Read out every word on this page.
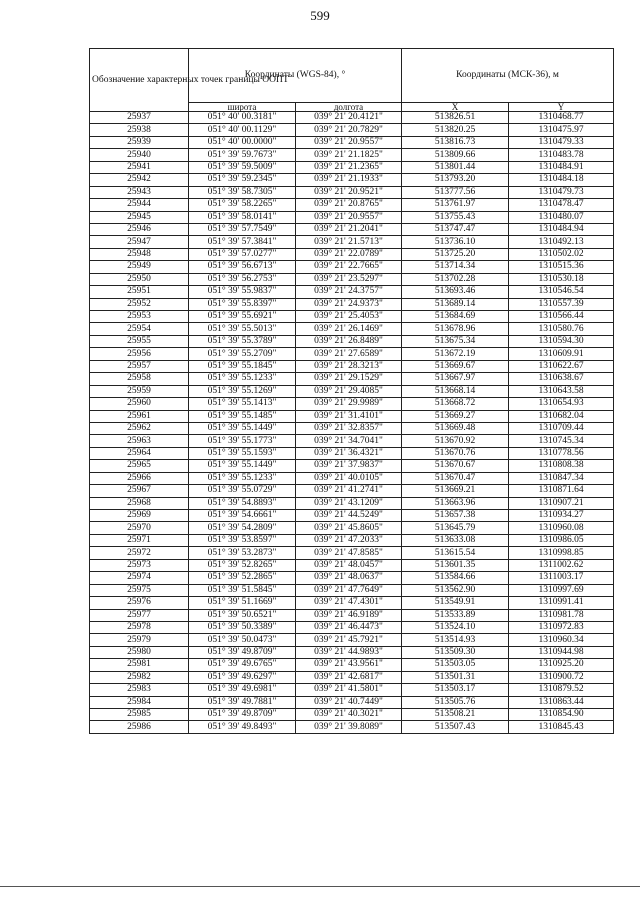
599
Обозначение характерных точек границы ООПТ	Координаты (WGS-84), °		Координаты (МСК-36), м	
	широта	долгота	X	Y
25937	051° 40' 00.3181"	039° 21' 20.4121"	513826.51	1310468.77
25938	051° 40' 00.1129"	039° 21' 20.7829"	513820.25	1310475.97
25939	051° 40' 00.0000"	039° 21' 20.9557"	513816.73	1310479.33
25940	051° 39' 59.7673"	039° 21' 21.1825"	513809.66	1310483.78
25941	051° 39' 59.5009"	039° 21' 21.2365"	513801.44	1310484.91
25942	051° 39' 59.2345"	039° 21' 21.1933"	513793.20	1310484.18
25943	051° 39' 58.7305"	039° 21' 20.9521"	513777.56	1310479.73
25944	051° 39' 58.2265"	039° 21' 20.8765"	513761.97	1310478.47
25945	051° 39' 58.0141"	039° 21' 20.9557"	513755.43	1310480.07
25946	051° 39' 57.7549"	039° 21' 21.2041"	513747.47	1310484.94
25947	051° 39' 57.3841"	039° 21' 21.5713"	513736.10	1310492.13
25948	051° 39' 57.0277"	039° 21' 22.0789"	513725.20	1310502.02
25949	051° 39' 56.6713"	039° 21' 22.7665"	513714.34	1310515.36
25950	051° 39' 56.2753"	039° 21' 23.5297"	513702.28	1310530.18
25951	051° 39' 55.9837"	039° 21' 24.3757"	513693.46	1310546.54
25952	051° 39' 55.8397"	039° 21' 24.9373"	513689.14	1310557.39
25953	051° 39' 55.6921"	039° 21' 25.4053"	513684.69	1310566.44
25954	051° 39' 55.5013"	039° 21' 26.1469"	513678.96	1310580.76
25955	051° 39' 55.3789"	039° 21' 26.8489"	513675.34	1310594.30
25956	051° 39' 55.2709"	039° 21' 27.6589"	513672.19	1310609.91
25957	051° 39' 55.1845"	039° 21' 28.3213"	513669.67	1310622.67
25958	051° 39' 55.1233"	039° 21' 29.1529"	513667.97	1310638.67
25959	051° 39' 55.1269"	039° 21' 29.4085"	513668.14	1310643.58
25960	051° 39' 55.1413"	039° 21' 29.9989"	513668.72	1310654.93
25961	051° 39' 55.1485"	039° 21' 31.4101"	513669.27	1310682.04
25962	051° 39' 55.1449"	039° 21' 32.8357"	513669.48	1310709.44
25963	051° 39' 55.1773"	039° 21' 34.7041"	513670.92	1310745.34
25964	051° 39' 55.1593"	039° 21' 36.4321"	513670.76	1310778.56
25965	051° 39' 55.1449"	039° 21' 37.9837"	513670.67	1310808.38
25966	051° 39' 55.1233"	039° 21' 40.0105"	513670.47	1310847.34
25967	051° 39' 55.0729"	039° 21' 41.2741"	513669.21	1310871.64
25968	051° 39' 54.8893"	039° 21' 43.1209"	513663.96	1310907.21
25969	051° 39' 54.6661"	039° 21' 44.5249"	513657.38	1310934.27
25970	051° 39' 54.2809"	039° 21' 45.8605"	513645.79	1310960.08
25971	051° 39' 53.8597"	039° 21' 47.2033"	513633.08	1310986.05
25972	051° 39' 53.2873"	039° 21' 47.8585"	513615.54	1310998.85
25973	051° 39' 52.8265"	039° 21' 48.0457"	513601.35	1311002.62
25974	051° 39' 52.2865"	039° 21' 48.0637"	513584.66	1311003.17
25975	051° 39' 51.5845"	039° 21' 47.7649"	513562.90	1310997.69
25976	051° 39' 51.1669"	039° 21' 47.4301"	513549.91	1310991.41
25977	051° 39' 50.6521"	039° 21' 46.9189"	513533.89	1310981.78
25978	051° 39' 50.3389"	039° 21' 46.4473"	513524.10	1310972.83
25979	051° 39' 50.0473"	039° 21' 45.7921"	513514.93	1310960.34
25980	051° 39' 49.8709"	039° 21' 44.9893"	513509.30	1310944.98
25981	051° 39' 49.6765"	039° 21' 43.9561"	513503.05	1310925.20
25982	051° 39' 49.6297"	039° 21' 42.6817"	513501.31	1310900.72
25983	051° 39' 49.6981"	039° 21' 41.5801"	513503.17	1310879.52
25984	051° 39' 49.7881"	039° 21' 40.7449"	513505.76	1310863.44
25985	051° 39' 49.8709"	039° 21' 40.3021"	513508.21	1310854.90
25986	051° 39' 49.8493"	039° 21' 39.8089"	513507.43	1310845.43
